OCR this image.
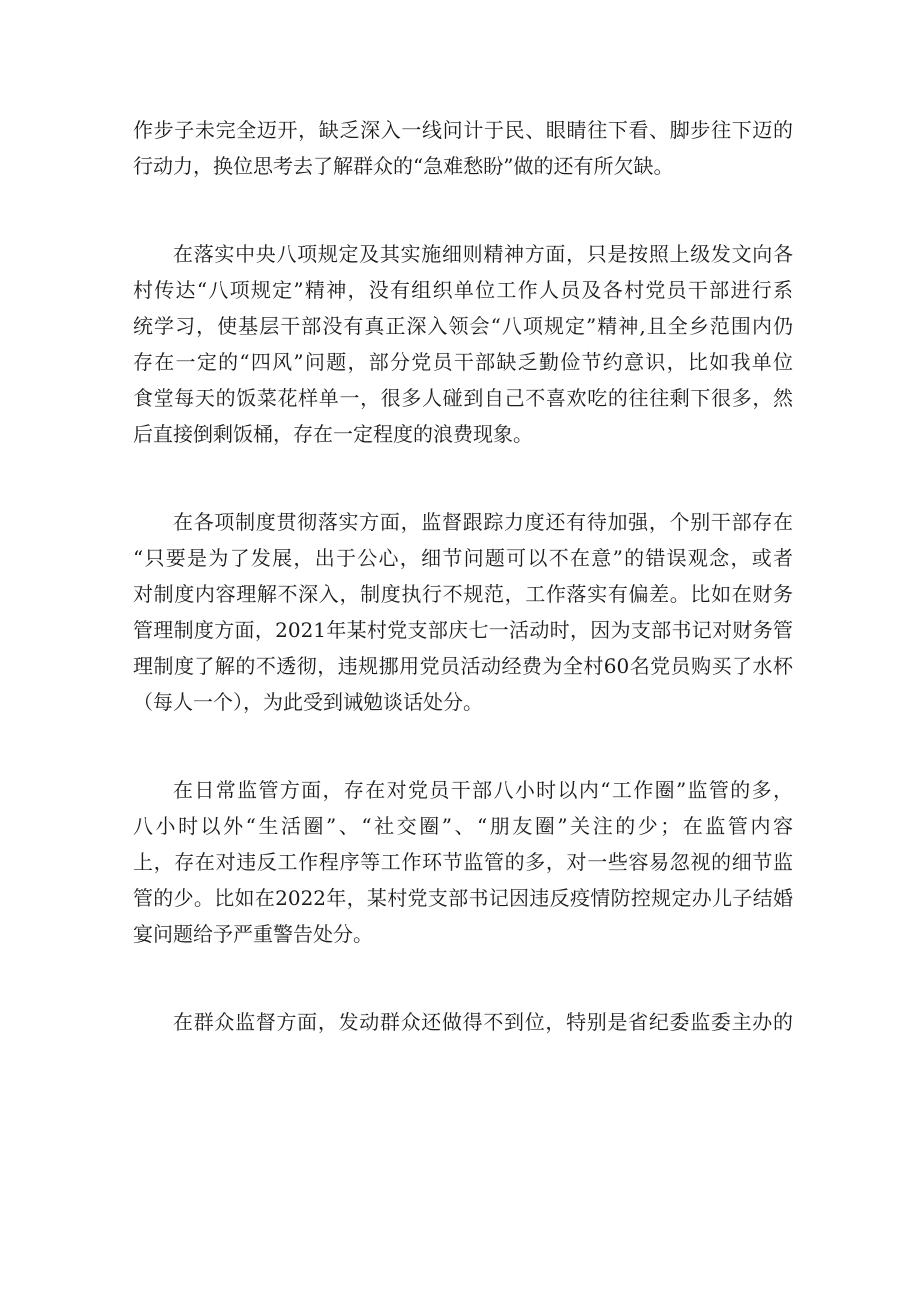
作步子未完全迈开，缺乏深入一线问计于民、眼睛往下看、脚步往下迈的
行动力，换位思考去了解群众的“急难愁盼”做的还有所欠缺。
在落实中央八项规定及其实施细则精神方面，只是按照上级发文向各
村传达“八项规定”精神，没有组织单位工作人员及各村党员干部进行系
统学习，使基层干部没有真正深入领会“八项规定”精神,且全乡范围内仍
存在一定的“四风”问题，部分党员干部缺乏勤俭节约意识，比如我单位
食堂每天的饭菜花样单一，很多人碰到自己不喜欢吃的往往剩下很多，然
后直接倒剩饭桶，存在一定程度的浪费现象。
在各项制度贯彻落实方面，监督跟踪力度还有待加强，个别干部存在
“只要是为了发展，出于公心，细节问题可以不在意”的错误观念，或者
对制度内容理解不深入，制度执行不规范，工作落实有偏差。比如在财务
管理制度方面，2021年某村党支部庆七一活动时，因为支部书记对财务管
理制度了解的不透彻，违规挪用党员活动经费为全村60名党员购买了水杯
（每人一个），为此受到诫勉谈话处分。
在日常监管方面，存在对党员干部八小时以内“工作圈”监管的多，
八小时以外“生活圈”、“社交圈”、“朋友圈”关注的少；在监管内容
上，存在对违反工作程序等工作环节监管的多，对一些容易忽视的细节监
管的少。比如在2022年，某村党支部书记因违反疫情防控规定办儿子结婚
宴问题给予严重警告处分。
在群众监督方面，发动群众还做得不到位，特别是省纪委监委主办的
